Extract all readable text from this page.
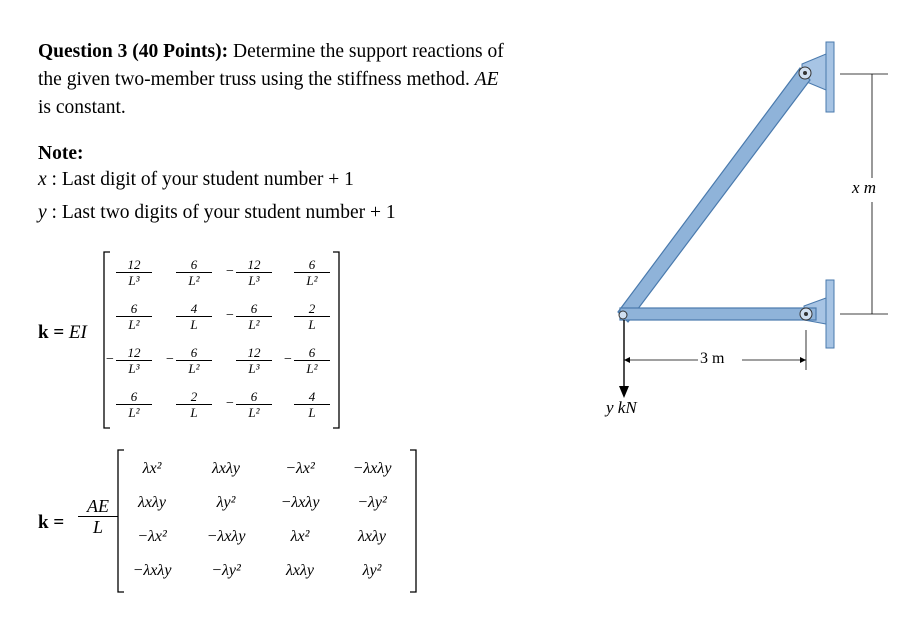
Question 3 (40 Points): Determine the support reactions of
the given two-member truss using the stiffness method. AE
is constant.
Note:
x : Last digit of your student number + 1
y : Last two digits of your student number + 1
k = EI
$\frac{12}{\text{L³}} \frac{6}{\text{L²}} - \frac{12}{\text{L³}} \frac{6}{\text{L²}}$
$\frac{6}{\text{L²}} \frac{4}{L} - \frac{6}{\text{L²}} \frac{2}{L}$
− $\frac{12}{\text{L³}} - \frac{6}{\text{L²}} \frac{12}{\text{L³}} - \frac{6}{\text{L²}}$
$\frac{6}{\text{L²}} \frac{2}{L} - \frac{6}{\text{L²}} \frac{4}{L}$
$k = \frac{AE}{L}$
λx²	λxλy	−λx²	−λxλy
λxλy	λy²	−λxλy	−λy²
−λx²	−λxλy	λx²	λxλy
−λxλy	−λy²	λxλy	λy²
x m
3 m
y kN
